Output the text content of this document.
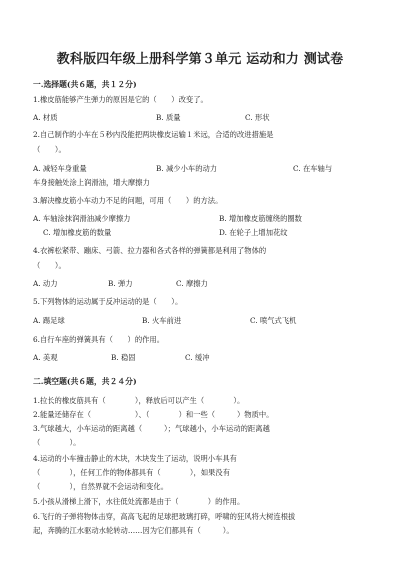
教科版四年级上册科学第３单元 运动和力 测试卷
一.选择题(共６题，共１２分)
1.橡皮筋能够产生弹力的原因是它的（　　）改变了。
A. 材质	B. 质量	C. 形状
2.自己制作的小车在５秒内没能把两块橡皮运输１米远，合适的改进措施是
（　　）。
A. 减轻车身重量	B. 减少小车的动力	C. 在车轴与
车身接触处涂上润滑油，增大摩擦力
3.解决橡皮筋小车动力不足的问题，可用（　　）的方法。
A. 车轴涂抹润滑油减少摩擦力	B. 增加橡皮筋缠绕的圈数
C. 增加橡皮筋的数量	D. 在轮子上增加花纹
4.衣裤松紧带、蹦床、弓箭、拉力器和各式各样的弹簧都是利用了物体的
（　　）。
A. 动力	B. 弹力	C. 摩擦力
5.下列物体的运动属于反冲运动的是（　　）。
A. 踢足球	B. 火车前进	C. 喷气式飞机
6.自行车座的弹簧具有（　　）的作用。
A. 美观	B. 稳固	C. 缓冲
二.填空题(共６题，共２４分)
1.拉长的橡皮筋具有（　　　　），释放后可以产生（　　　　）。
2.能量还储存在（　　　　　　）、（　　　　）和一些（　　　）物质中。
3.气球越大，小车运动的距离越（　　　）；气球越小，小车运动的距离越
（　　　　）。
4.运动的小车撞击静止的木块，木块发生了运动，说明小车具有
（　　　　），任何工作的物体都具有（　　　　），如果没有
（　　　　），自然界就不会运动和变化。
5.小孩从滑梯上滑下，水往低处流都是由于（　　　　）的作用。
6.飞行的子弹将物体击穿，高高飞起的足球把玻璃打碎，呼啸的狂风将大树连根拔
起，奔腾的江水驱动水轮转动……因为它们都具有（　　　）。
